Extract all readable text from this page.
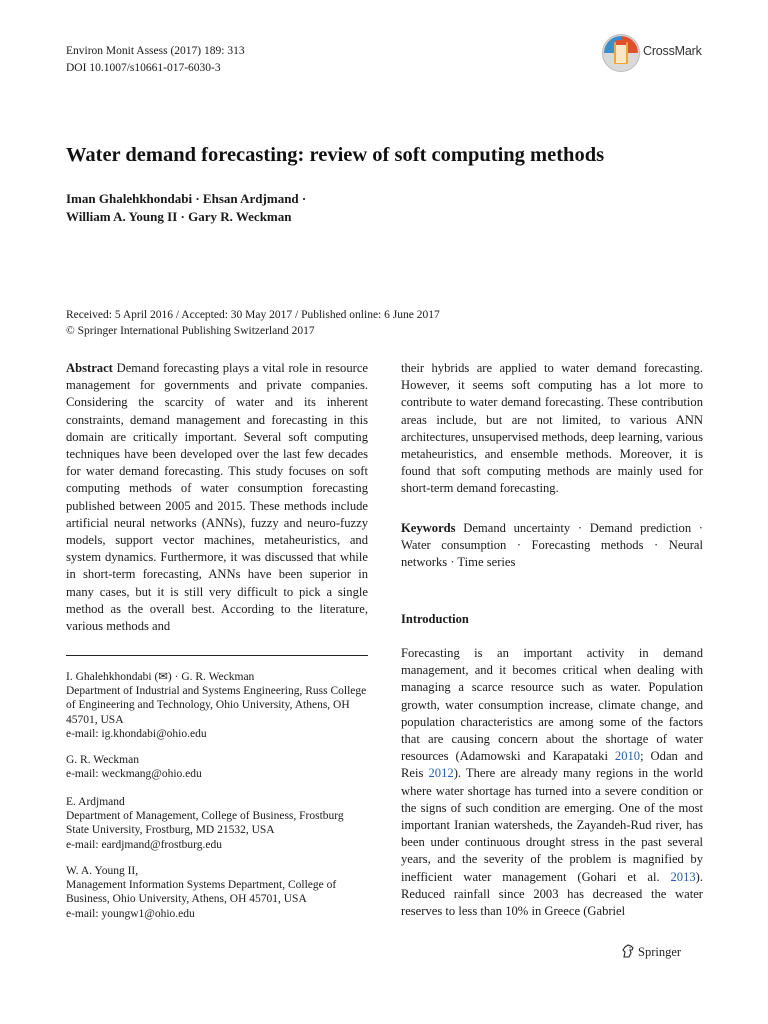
Environ Monit Assess (2017) 189: 313
DOI 10.1007/s10661-017-6030-3
CrossMark
Water demand forecasting: review of soft computing methods
Iman Ghalehkhondabi · Ehsan Ardjmand ·
William A. Young II · Gary R. Weckman
Received: 5 April 2016 / Accepted: 30 May 2017 / Published online: 6 June 2017
© Springer International Publishing Switzerland 2017
Abstract Demand forecasting plays a vital role in resource management for governments and private companies. Considering the scarcity of water and its inherent constraints, demand management and forecasting in this domain are critically important. Several soft computing techniques have been developed over the last few decades for water demand forecasting. This study focuses on soft computing methods of water consumption forecasting published between 2005 and 2015. These methods include artificial neural networks (ANNs), fuzzy and neuro-fuzzy models, support vector machines, metaheuristics, and system dynamics. Furthermore, it was discussed that while in short-term forecasting, ANNs have been superior in many cases, but it is still very difficult to pick a single method as the overall best. According to the literature, various methods and
their hybrids are applied to water demand forecasting. However, it seems soft computing has a lot more to contribute to water demand forecasting. These contribution areas include, but are not limited, to various ANN architectures, unsupervised methods, deep learning, various metaheuristics, and ensemble methods. Moreover, it is found that soft computing methods are mainly used for short-term demand forecasting.
Keywords Demand uncertainty · Demand prediction · Water consumption · Forecasting methods · Neural networks · Time series
Introduction
Forecasting is an important activity in demand management, and it becomes critical when dealing with managing a scarce resource such as water. Population growth, water consumption increase, climate change, and population characteristics are among some of the factors that are causing concern about the shortage of water resources (Adamowski and Karapataki 2010; Odan and Reis 2012). There are already many regions in the world where water shortage has turned into a severe condition or the signs of such condition are emerging. One of the most important Iranian watersheds, the Zayandeh-Rud river, has been under continuous drought stress in the past several years, and the severity of the problem is magnified by inefficient water management (Gohari et al. 2013). Reduced rainfall since 2003 has decreased the water reserves to less than 10% in Greece (Gabriel
I. Ghalehkhondabi (✉) · G. R. Weckman
Department of Industrial and Systems Engineering, Russ College of Engineering and Technology, Ohio University, Athens, OH 45701, USA
e-mail: ig.khondabi@ohio.edu
G. R. Weckman
e-mail: weckmang@ohio.edu
E. Ardjmand
Department of Management, College of Business, Frostburg State University, Frostburg, MD 21532, USA
e-mail: eardjmand@frostburg.edu
W. A. Young II,
Management Information Systems Department, College of Business, Ohio University, Athens, OH 45701, USA
e-mail: youngw1@ohio.edu
Springer
